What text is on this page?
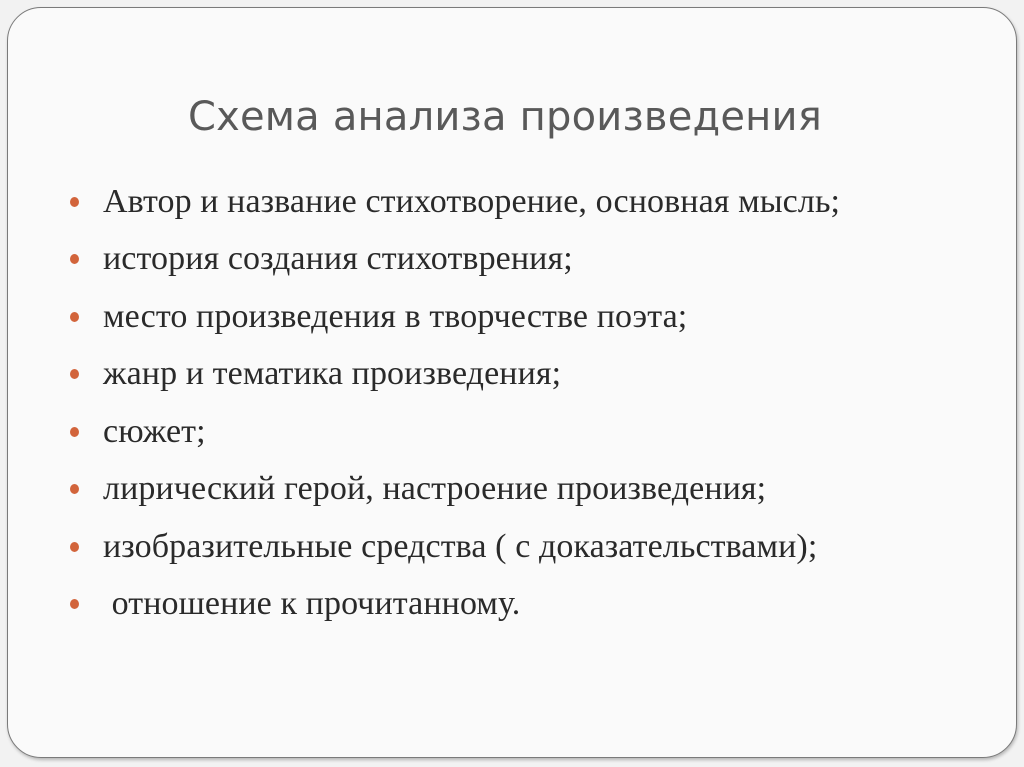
Схема анализа произведения
Автор и название стихотворение, основная мысль;
история создания стихотврения;
место произведения в творчестве поэта;
жанр и тематика произведения;
сюжет;
лирический герой, настроение произведения;
изобразительные средства ( с доказательствами);
отношение к прочитанному.
